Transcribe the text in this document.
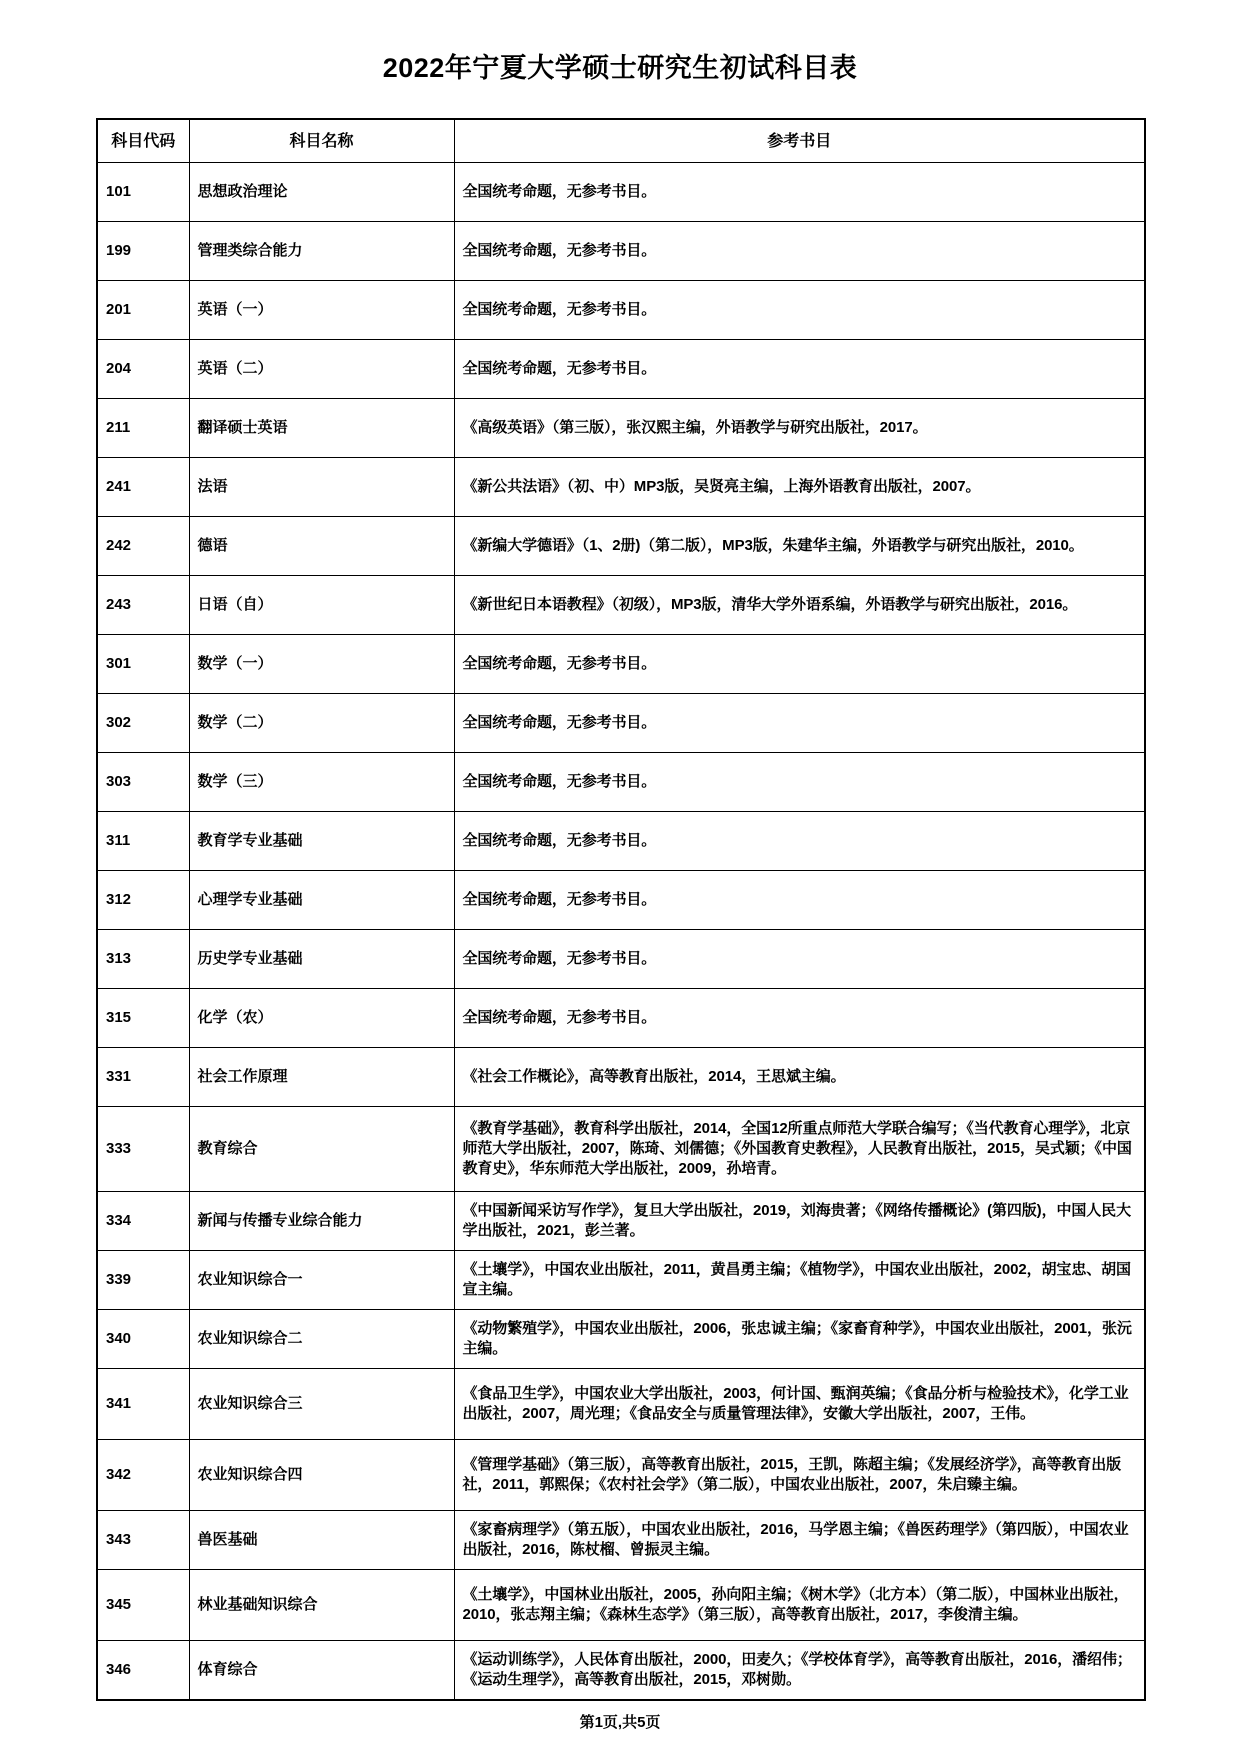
2022年宁夏大学硕士研究生初试科目表
科目代码	科目名称	参考书目
101	思想政治理论	全国统考命题，无参考书目。
199	管理类综合能力	全国统考命题，无参考书目。
201	英语（一）	全国统考命题，无参考书目。
204	英语（二）	全国统考命题，无参考书目。
211	翻译硕士英语	《高级英语》（第三版），张汉熙主编，外语教学与研究出版社，2017。
241	法语	《新公共法语》（初、中）MP3版，吴贤亮主编，上海外语教育出版社，2007。
242	德语	《新编大学德语》（1、2册)（第二版），MP3版，朱建华主编，外语教学与研究出版社，2010。
243	日语（自）	《新世纪日本语教程》（初级），MP3版，清华大学外语系编，外语教学与研究出版社，2016。
301	数学（一）	全国统考命题，无参考书目。
302	数学（二）	全国统考命题，无参考书目。
303	数学（三）	全国统考命题，无参考书目。
311	教育学专业基础	全国统考命题，无参考书目。
312	心理学专业基础	全国统考命题，无参考书目。
313	历史学专业基础	全国统考命题，无参考书目。
315	化学（农）	全国统考命题，无参考书目。
331	社会工作原理	《社会工作概论》，高等教育出版社，2014，王思斌主编。
333	教育综合	《教育学基础》，教育科学出版社，2014，全国12所重点师范大学联合编写；《当代教育心理学》，北京师范大学出版社，2007，陈琦、刘儒德；《外国教育史教程》，人民教育出版社，2015，吴式颖；《中国教育史》，华东师范大学出版社，2009，孙培青。
334	新闻与传播专业综合能力	《中国新闻采访写作学》，复旦大学出版社，2019，刘海贵著；《网络传播概论》(第四版)，中国人民大学出版社，2021，彭兰著。
339	农业知识综合一	《土壤学》，中国农业出版社，2011，黄昌勇主编；《植物学》，中国农业出版社，2002，胡宝忠、胡国宣主编。
340	农业知识综合二	《动物繁殖学》，中国农业出版社，2006，张忠诚主编；《家畜育种学》，中国农业出版社，2001，张沅主编。
341	农业知识综合三	《食品卫生学》，中国农业大学出版社，2003，何计国、甄润英编；《食品分析与检验技术》，化学工业出版社，2007，周光理；《食品安全与质量管理法律》，安徽大学出版社，2007，王伟。
342	农业知识综合四	《管理学基础》（第三版），高等教育出版社，2015，王凯，陈超主编；《发展经济学》，高等教育出版社，2011，郭熙保；《农村社会学》（第二版），中国农业出版社，2007，朱启臻主编。
343	兽医基础	《家畜病理学》（第五版），中国农业出版社，2016，马学恩主编；《兽医药理学》（第四版），中国农业出版社，2016，陈杖榴、曾振灵主编。
345	林业基础知识综合	《土壤学》，中国林业出版社，2005，孙向阳主编；《树木学》（北方本）（第二版），中国林业出版社，2010，张志翔主编；《森林生态学》（第三版），高等教育出版社，2017，李俊清主编。
346	体育综合	《运动训练学》，人民体育出版社，2000，田麦久；《学校体育学》，高等教育出版社，2016，潘绍伟；《运动生理学》，高等教育出版社，2015，邓树勋。
第1页,共5页
